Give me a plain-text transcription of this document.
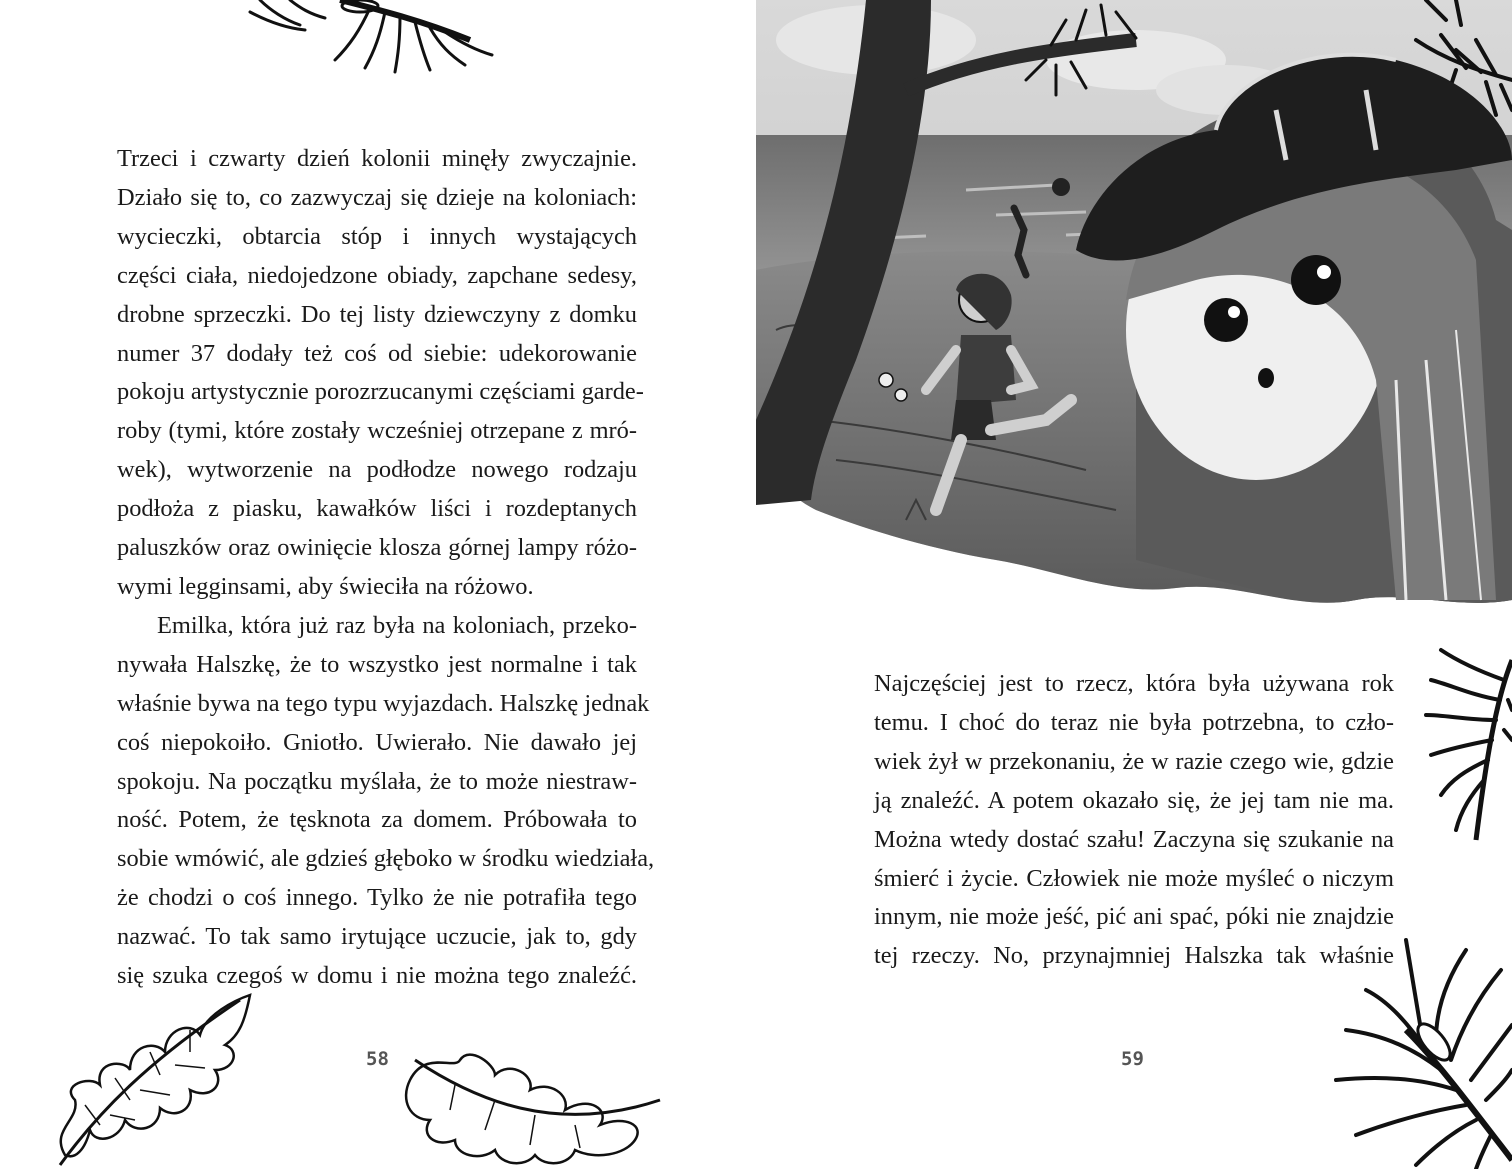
Trzeci i czwarty dzień kolonii minęły zwyczajnie.
Działo się to, co zazwyczaj się dzieje na koloniach:
wycieczki, obtarcia stóp i innych wystających
części ciała, niedojedzone obiady, zapchane sedesy,
drobne sprzeczki. Do tej listy dziewczyny z domku
numer 37 dodały też coś od siebie: udekorowanie
pokoju artystycznie porozrzucanymi częściami garde-
roby (tymi, które zostały wcześniej otrzepane z mró-
wek), wytworzenie na podłodze nowego rodzaju
podłoża z piasku, kawałków liści i rozdeptanych
paluszków oraz owinięcie klosza górnej lampy różo-
wymi legginsami, aby świeciła na różowo.
Emilka, która już raz była na koloniach, przeko-
nywała Halszkę, że to wszystko jest normalne i tak
właśnie bywa na tego typu wyjazdach. Halszkę jednak
coś niepokoiło. Gniotło. Uwierało. Nie dawało jej
spokoju. Na początku myślała, że to może niestraw-
ność. Potem, że tęsknota za domem. Próbowała to
sobie wmówić, ale gdzieś głęboko w środku wiedziała,
że chodzi o coś innego. Tylko że nie potrafiła tego
nazwać. To tak samo irytujące uczucie, jak to, gdy
się szuka czegoś w domu i nie można tego znaleźć.
58
Najczęściej jest to rzecz, która była używana rok
temu. I choć do teraz nie była potrzebna, to czło-
wiek żył w przekonaniu, że w razie czego wie, gdzie
ją znaleźć. A potem okazało się, że jej tam nie ma.
Można wtedy dostać szału! Zaczyna się szukanie na
śmierć i życie. Człowiek nie może myśleć o niczym
innym, nie może jeść, pić ani spać, póki nie znajdzie
tej rzeczy. No, przynajmniej Halszka tak właśnie
59
